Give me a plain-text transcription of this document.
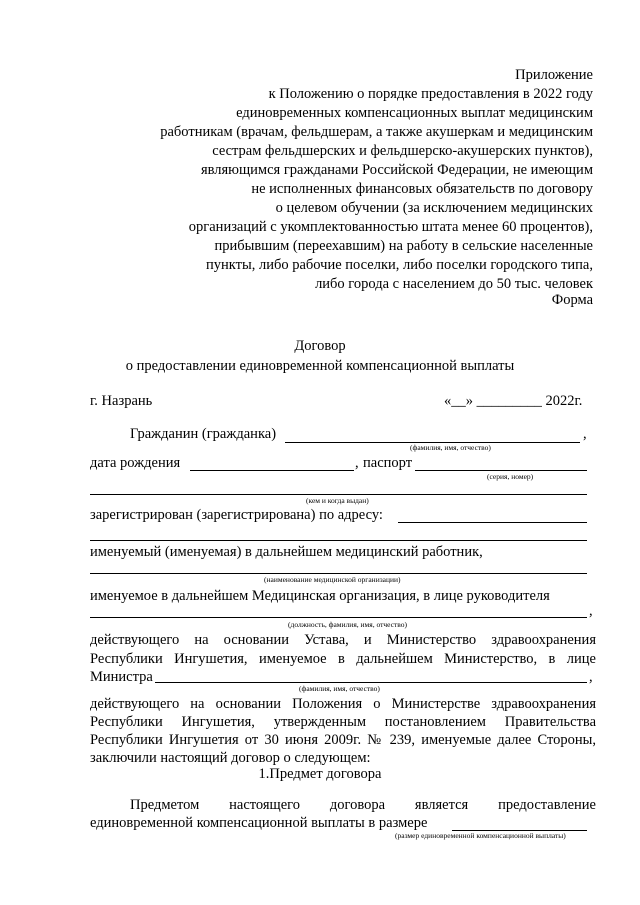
Приложение
к Положению о порядке предоставления в 2022 году
единовременных компенсационных выплат медицинским
работникам (врачам, фельдшерам, а также акушеркам и медицинским
сестрам фельдшерских и фельдшерско-акушерских пунктов),
являющимся гражданами Российской Федерации, не имеющим
не исполненных финансовых обязательств по договору
о целевом обучении (за исключением медицинских
организаций с укомплектованностью штата менее 60 процентов),
прибывшим (переехавшим) на работу в сельские населенные
пункты, либо рабочие поселки, либо поселки городского типа,
либо города с населением до 50 тыс. человек
Форма
Договор
о предоставлении единовременной компенсационной выплаты
г. Назрань	«__» _________ 2022г.
Гражданин (гражданка)	,
(фамилия, имя, отчество)
дата рождения	, паспорт
(серия, номер)
(кем и когда выдан)
зарегистрирован (зарегистрирована) по адресу:
именуемый (именуемая) в дальнейшем медицинский работник,
(наименование медицинской организации)
именуемое в дальнейшем Медицинская организация, в лице руководителя
,
(должность, фамилия, имя, отчество)
действующего на основании Устава, и Министерство здравоохранения
Республики Ингушетия, именуемое в дальнейшем Министерство, в лице
Министра	,
(фамилия, имя, отчество)
действующего на основании Положения о Министерстве здравоохранения
Республики Ингушетия, утвержденным постановлением Правительства
Республики Ингушетия от 30 июня 2009г. № 239, именуемые далее Стороны,
заключили настоящий договор о следующем:
1.Предмет договора
Предметом настоящего договора является предоставление
единовременной компенсационной выплаты в размере
(размер единовременной компенсационной выплаты)
